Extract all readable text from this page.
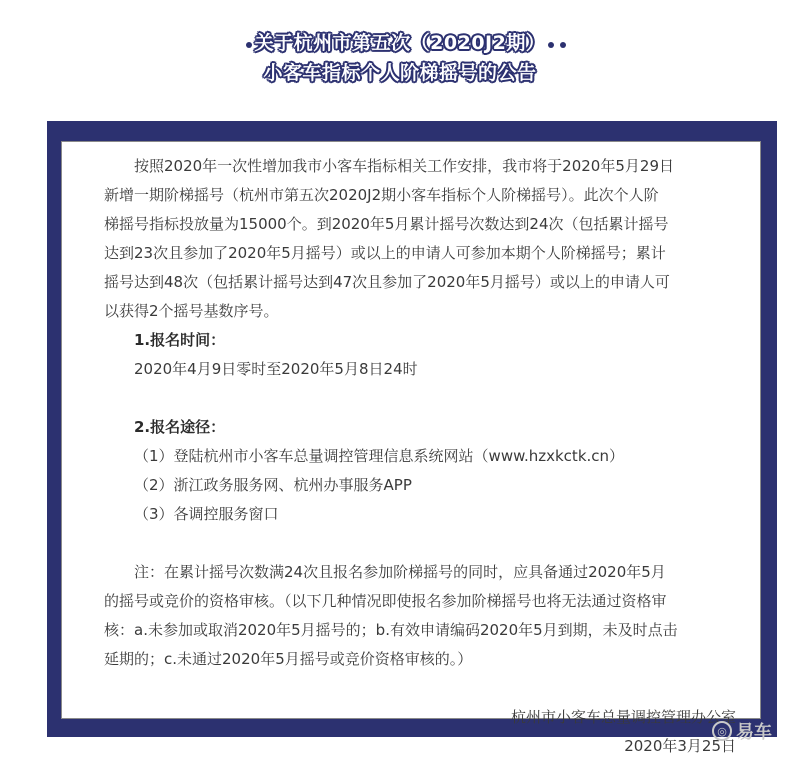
关于杭州市第五次（2020J2期）
小客车指标个人阶梯摇号的公告
按照2020年一次性增加我市小客车指标相关工作安排，我市将于2020年5月29日
新增一期阶梯摇号（杭州市第五次2020J2期小客车指标个人阶梯摇号）。此次个人阶
梯摇号指标投放量为15000个。到2020年5月累计摇号次数达到24次（包括累计摇号
达到23次且参加了2020年5月摇号）或以上的申请人可参加本期个人阶梯摇号；累计
摇号达到48次（包括累计摇号达到47次且参加了2020年5月摇号）或以上的申请人可
以获得2个摇号基数序号。
1.报名时间：
2020年4月9日零时至2020年5月8日24时
2.报名途径：
（1）登陆杭州市小客车总量调控管理信息系统网站（www.hzxkctk.cn）
（2）浙江政务服务网、杭州办事服务APP
（3）各调控服务窗口
注：在累计摇号次数满24次且报名参加阶梯摇号的同时，应具备通过2020年5月
的摇号或竞价的资格审核。（以下几种情况即使报名参加阶梯摇号也将无法通过资格审
核：a.未参加或取消2020年5月摇号的；b.有效申请编码2020年5月到期，未及时点击
延期的；c.未通过2020年5月摇号或竞价资格审核的。）
杭州市小客车总量调控管理办公室
2020年3月25日
◎ 易车
